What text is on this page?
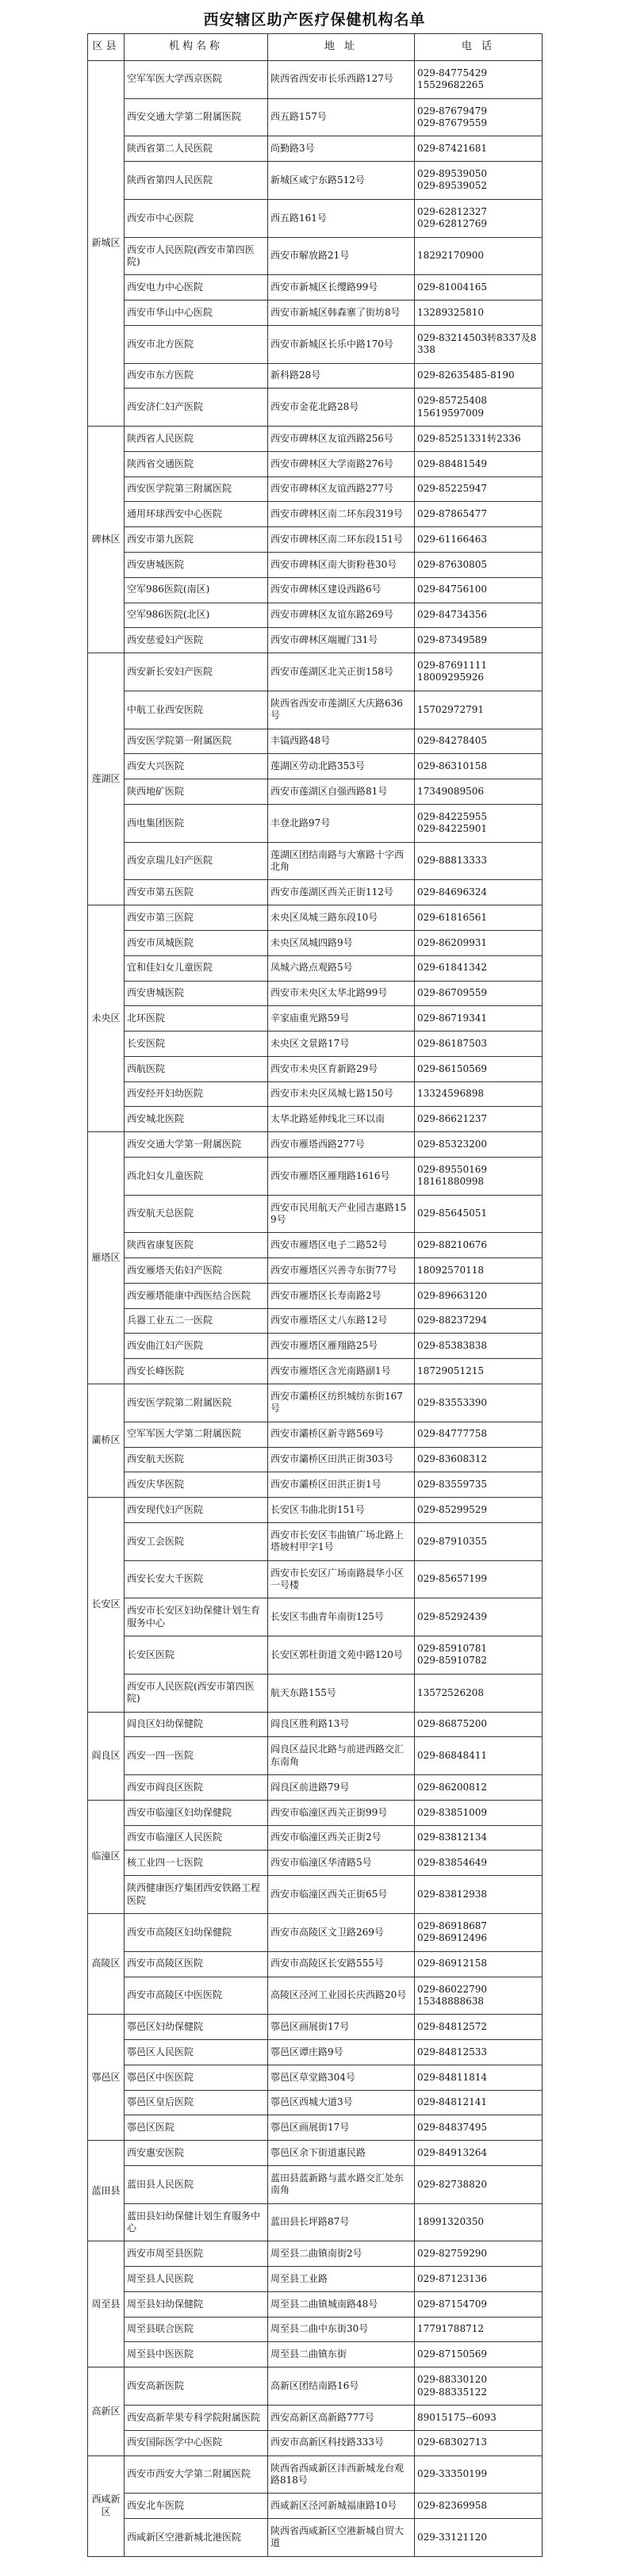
西安辖区助产医疗保健机构名单
区县	机构名称	地 址	电 话
新城区	空军军医大学西京医院	陕西省西安市长乐西路127号	029-84775429
15529682265
	西安交通大学第二附属医院	西五路157号	029-87679479
029-87679559
	陕西省第二人民医院	尚勤路3号	029-87421681
	陕西省第四人民医院	新城区咸宁东路512号	029-89539050
029-89539052
	西安市中心医院	西五路161号	029-62812327
029-62812769
	西安市人民医院(西安市第四医院)	西安市解放路21号	18292170900
	西安电力中心医院	西安市新城区长缨路99号	029-81004165
	西安市华山中心医院	西安市新城区韩森寨了街坊8号	13289325810
	西安市北方医院	西安市新城区长乐中路170号	029-83214503转8337及8338
	西安市东方医院	新科路28号	029-82635485-8190
	西安济仁妇产医院	西安市金花北路28号	029-85725408
15619597009
碑林区	陕西省人民医院	西安市碑林区友谊西路256号	029-85251331转2336
	陕西省交通医院	西安市碑林区大学南路276号	029-88481549
	西安医学院第三附属医院	西安市碑林区友谊西路277号	029-85225947
	通用环球西安中心医院	西安市碑林区南二环东段319号	029-87865477
	西安市第九医院	西安市碑林区南二环东段151号	029-61166463
	西安唐城医院	西安市碑林区南大街粉巷30号	029-87630805
	空军986医院(南区)	西安市碑林区建设西路6号	029-84756100
	空军986医院(北区)	西安市碑林区友谊东路269号	029-84734356
	西安慈爱妇产医院	西安市碑林区端履门31号	029-87349589
莲湖区	西安新长安妇产医院	西安市莲湖区北关正街158号	029-87691111
18009295926
	中航工业西安医院	陕西省西安市莲湖区大庆路636号	15702972791
	西安医学院第一附属医院	丰镐西路48号	029-84278405
	西安大兴医院	莲湖区劳动北路353号	029-86310158
	陕西地矿医院	西安市莲湖区自强西路81号	17349089506
	西电集团医院	丰登北路97号	029-84225955
029-84225901
	西安京瑞儿妇产医院	莲湖区团结南路与大寨路十字西北角	029-88813333
	西安市第五医院	西安市莲湖区西关正街112号	029-84696324
未央区	西安市第三医院	未央区凤城三路东段10号	029-61816561
	西安市凤城医院	未央区凤城四路9号	029-86209931
	宜和佳妇女儿童医院	凤城六路点观路5号	029-61841342
	西安唐城医院	西安市未央区太华北路99号	029-86709559
	北环医院	辛家庙重光路59号	029-86719341
	长安医院	未央区文景路17号	029-86187503
	西航医院	西安市未央区育新路29号	029-86150569
	西安经开妇幼医院	西安市未央区凤城七路150号	13324596898
	西安城北医院	太华北路延伸线北三环以南	029-86621237
雁塔区	西安交通大学第一附属医院	西安市雁塔西路277号	029-85323200
	西北妇女儿童医院	西安市雁塔区雁翔路1616号	029-89550169
18161880998
	西安航天总医院	西安市民用航天产业园吉惠路159号	029-85645051
	陕西省康复医院	西安市雁塔区电子二路52号	029-88210676
	西安雁塔天佑妇产医院	西安市雁塔区兴善寺东街77号	18092570118
	西安雁塔能康中西医结合医院	西安市雁塔区长寿南路2号	029-89663120
	兵器工业五二一医院	西安市雁塔区丈八东路12号	029-88237294
	西安曲江妇产医院	西安市雁塔区雁翔路25号	029-85383838
	西安长峰医院	西安市雁塔区含光南路副1号	18729051215
灞桥区	西安医学院第二附属医院	西安市灞桥区纺织城纺东街167号	029-83553390
	空军军医大学第二附属医院	西安市灞桥区新寺路569号	029-84777758
	西安航天医院	西安市灞桥区田洪正街303号	029-83608312
	西安庆华医院	西安市灞桥区田洪正街1号	029-83559735
长安区	西安现代妇产医院	长安区韦曲北街151号	029-85299529
	西安工会医院	西安市长安区韦曲镇广场北路上塔坡村甲字1号	029-87910355
	西安长安大千医院	西安市长安区广场南路晨华小区一号楼	029-85657199
	西安市长安区妇幼保健计划生育服务中心	长安区韦曲青年南街125号	029-85292439
	长安区医院	长安区郭杜街道文苑中路120号	029-85910781
029-85910782
	西安市人民医院(西安市第四医院)	航天东路155号	13572526208
阎良区	阎良区妇幼保健院	阎良区胜利路13号	029-86875200
	西安一四一医院	阎良区益民北路与前进西路交汇东南角	029-86848411
	西安市阎良区医院	阎良区前进路79号	029-86200812
临潼区	西安市临潼区妇幼保健院	西安市临潼区西关正街99号	029-83851009
	西安市临潼区人民医院	西安市临潼区西关正街2号	029-83812134
	核工业四一七医院	西安市临潼区华清路5号	029-83854649
	陕西健康医疗集团西安铁路工程医院	西安市临潼区西关正街65号	029-83812938
高陵区	西安市高陵区妇幼保健院	西安市高陵区文卫路269号	029-86918687
029-86912496
	西安市高陵区医院	西安市高陵区长安路555号	029-86912158
	西安市高陵区中医医院	高陵区泾河工业园长庆西路20号	029-86022790
15348888638
鄠邑区	鄠邑区妇幼保健院	鄠邑区画展街17号	029-84812572
	鄠邑区人民医院	鄠邑区谭庄路9号	029-84812533
	鄠邑区中医医院	鄠邑区草堂路304号	029-84811814
	鄠邑区皇后医院	鄠邑区西城大道3号	029-84812141
	鄠邑区医院	鄠邑区画展街17号	029-84837495
蓝田县	西安惠安医院	鄠邑区余下街道惠民路	029-84913264
	蓝田县人民医院	蓝田县蓝新路与蓝水路交汇处东南角	029-82738820
	蓝田县妇幼保健计划生育服务中心	蓝田县长坪路87号	18991320350
周至县	西安市周至县医院	周至县二曲镇南街2号	029-82759290
	周至县人民医院	周至县工业路	029-87123136
	周至县妇幼保健院	周至县二曲镇城南路48号	029-87154709
	周至县联合医院	周至县二曲中东街30号	17791788712
	周至县中医医院	周至县二曲镇东街	029-87150569
高新区	西安高新医院	高新区团结南路16号	029-88330120
029-88335122
	西安高新苹果专科学院附属医院	西安高新区高新路777号	89015175--6093
	西安国际医学中心医院	西安市高新区科技路333号	029-68302713
西咸新区	西安市西安大学第二附属医院	陕西省西咸新区沣西新城龙台观路818号	029-33350199
	西安北车医院	西咸新区泾河新城福康路10号	029-82369958
	西咸新区空港新城北港医院	陕西省西咸新区空港新城自贸大道	029-33121120
